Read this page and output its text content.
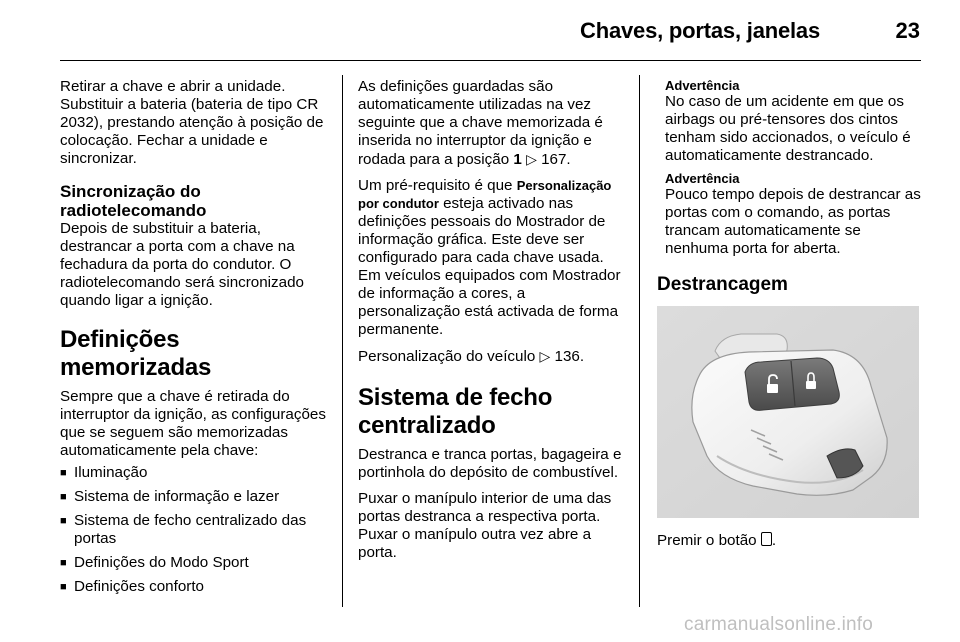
Chaves, portas, janelas	23

Retirar a chave e abrir a unidade. Substituir a bateria (bateria de tipo CR 2032), prestando atenção à posição de colocação. Fechar a unidade e sincronizar.

Sincronização do radiotelecomando

Depois de substituir a bateria, destrancar a porta com a chave na fechadura da porta do condutor. O radiotelecomando será sincronizado quando ligar a ignição.

Definições memorizadas

Sempre que a chave é retirada do interruptor da ignição, as configurações que se seguem são memorizadas automaticamente pela chave:

■ Iluminação
■ Sistema de informação e lazer
■ Sistema de fecho centralizado das portas
■ Definições do Modo Sport
■ Definições conforto

As definições guardadas são automaticamente utilizadas na vez seguinte que a chave memorizada é inserida no interruptor da ignição e rodada para a posição 1 ▷ 167.

Um pré-requisito é que Personalização por condutor esteja activado nas definições pessoais do Mostrador de informação gráfica. Este deve ser configurado para cada chave usada. Em veículos equipados com Mostrador de informação a cores, a personalização está activada de forma permanente.

Personalização do veículo ▷ 136.

Sistema de fecho centralizado

Destranca e tranca portas, bagageira e portinhola do depósito de combustível.

Puxar o manípulo interior de uma das portas destranca a respectiva porta. Puxar o manípulo outra vez abre a porta.

Advertência

No caso de um acidente em que os airbags ou pré-tensores dos cintos tenham sido accionados, o veículo é automaticamente destrancado.

Advertência

Pouco tempo depois de destrancar as portas com o comando, as portas trancam automaticamente se nenhuma porta for aberta.

Destrancagem

Premir o botão .

carmanualsonline.info
